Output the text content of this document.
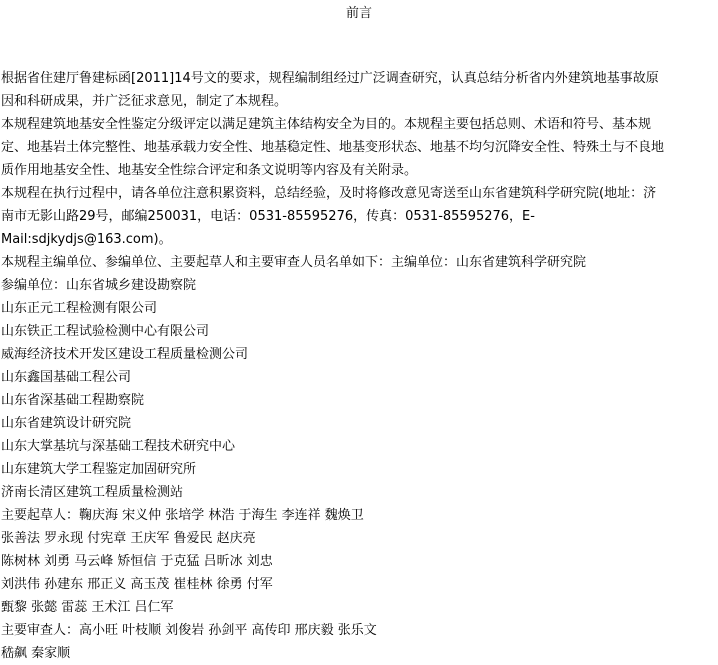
前言
根据省住建厅鲁建标函[2011]14号文的要求，规程编制组经过广泛调查研究，认真总结分析省内外建筑地基事故原
因和科研成果，并广泛征求意见，制定了本规程。
本规程建筑地基安全性鉴定分级评定以满足建筑主体结构安全为目的。本规程主要包括总则、术语和符号、基本规
定、地基岩土体完整性、地基承载力安全性、地基稳定性、地基变形状态、地基不均匀沉降安全性、特殊土与不良地
质作用地基安全性、地基安全性综合评定和条文说明等内容及有关附录。
本规程在执行过程中，请各单位注意积累资料，总结经验，及时将修改意见寄送至山东省建筑科学研究院(地址：济
南市无影山路29号，邮编250031，电话：0531-85595276，传真：0531-85595276，E-
Mail:sdjkydjs@163.com)。
本规程主编单位、参编单位、主要起草人和主要审查人员名单如下：主编单位：山东省建筑科学研究院
参编单位：山东省城乡建设勘察院
山东正元工程检测有限公司
山东铁正工程试验检测中心有限公司
威海经济技术开发区建设工程质量检测公司
山东鑫国基础工程公司
山东省深基础工程勘察院
山东省建筑设计研究院
山东大掌基坑与深基础工程技术研究中心
山东建筑大学工程鉴定加固研究所
济南长清区建筑工程质量检测站
主要起草人：鞠庆海 宋义仲 张培学 林浩 于海生 李连祥 魏焕卫
张善法 罗永现 付宪章 王庆军 鲁爱民 赵庆亮
陈树林 刘勇 马云峰 矫恒信 于克猛 吕昕冰 刘忠
刘洪伟 孙建东 邢正义 高玉茂 崔桂林 徐勇 付军
甄黎 张懿 雷蕊 王术江 吕仁军
主要审查人：高小旺 叶枝顺 刘俊岩 孙剑平 高传印 邢庆毅 张乐文
嵇飙 秦家顺
